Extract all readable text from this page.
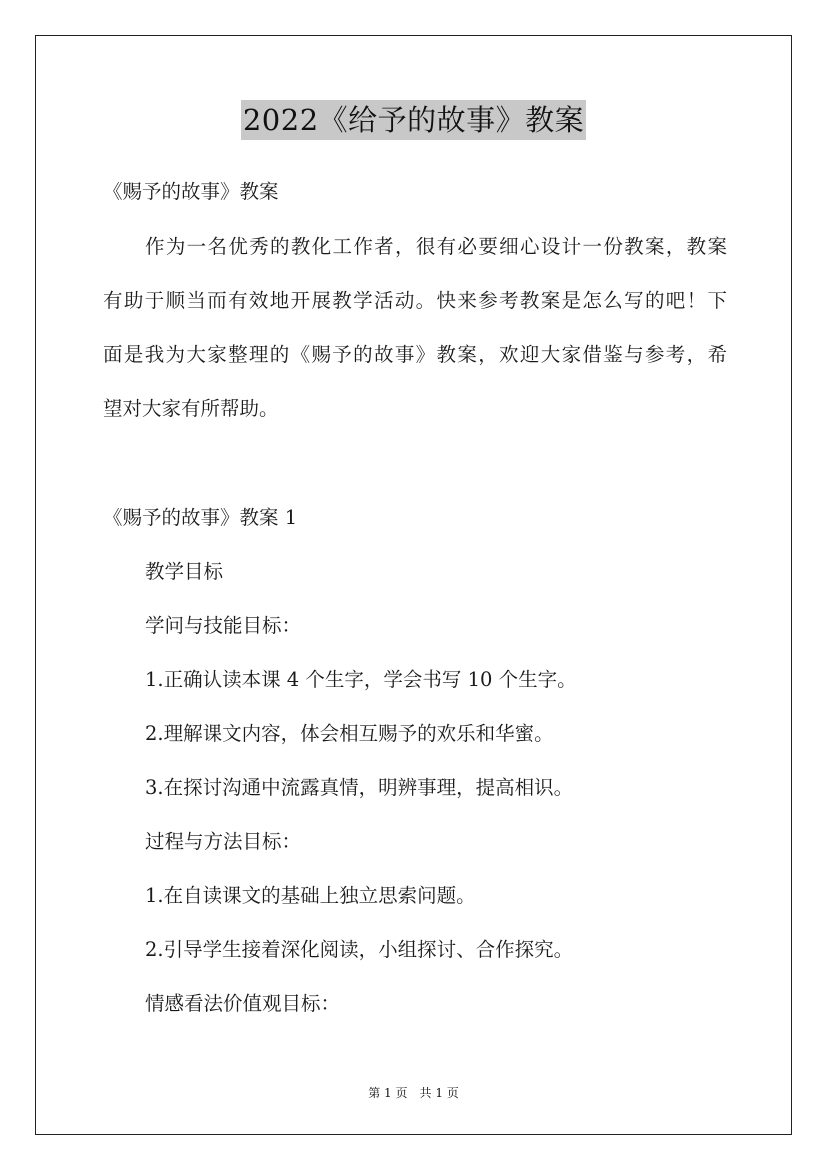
2022《给予的故事》教案
《赐予的故事》教案
作为一名优秀的教化工作者，很有必要细心设计一份教案，教案
有助于顺当而有效地开展教学活动。快来参考教案是怎么写的吧！下
面是我为大家整理的《赐予的故事》教案，欢迎大家借鉴与参考，希
望对大家有所帮助。
《赐予的故事》教案 1
教学目标
学问与技能目标：
1.正确认读本课 4 个生字，学会书写 10 个生字。
2.理解课文内容，体会相互赐予的欢乐和华蜜。
3.在探讨沟通中流露真情，明辨事理，提高相识。
过程与方法目标：
1.在自读课文的基础上独立思索问题。
2.引导学生接着深化阅读，小组探讨、合作探究。
情感看法价值观目标：
第 1 页　共 1 页
